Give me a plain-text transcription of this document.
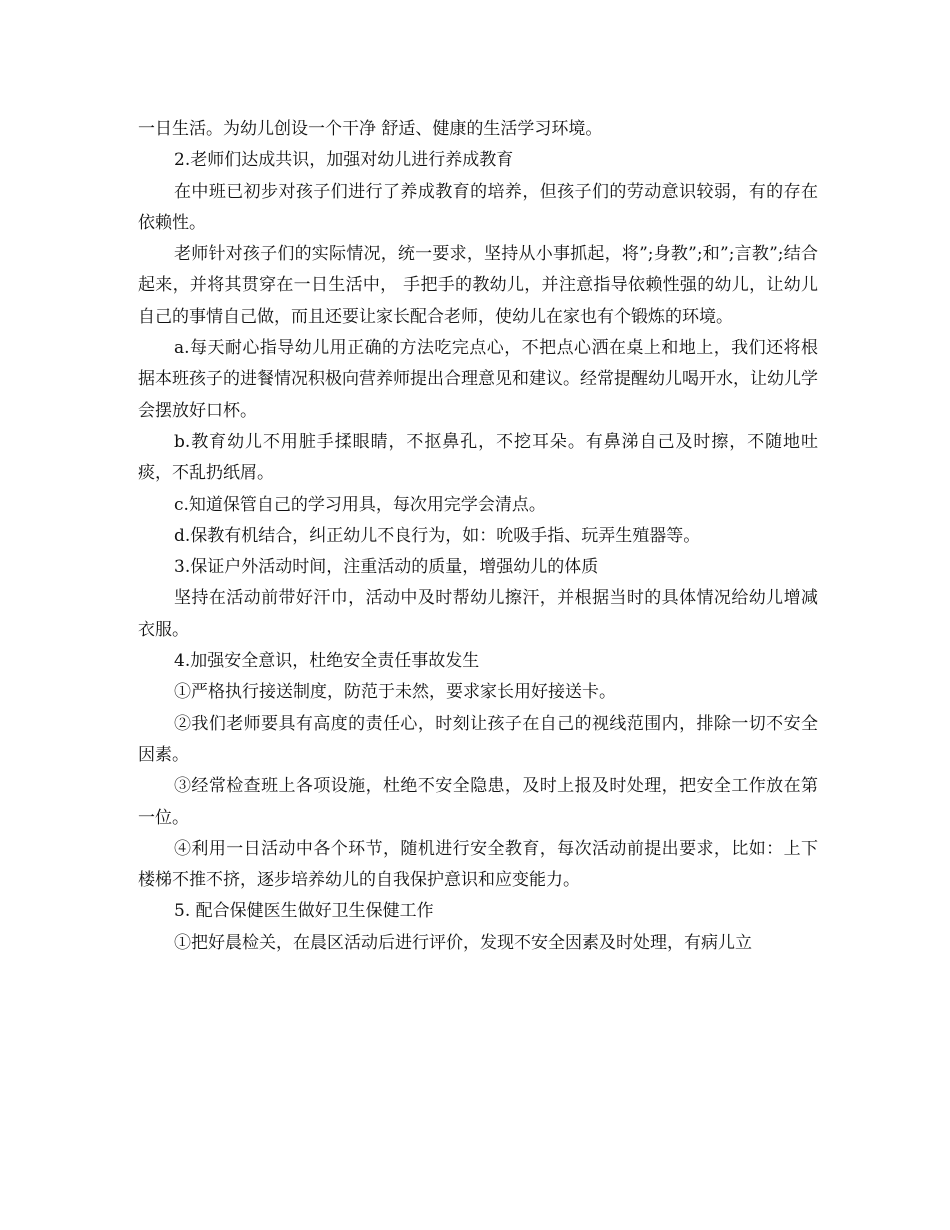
一日生活。为幼儿创设一个干净 舒适、健康的生活学习环境。

2.老师们达成共识，加强对幼儿进行养成教育

在中班已初步对孩子们进行了养成教育的培养，但孩子们的劳动意识较弱，有的存在依赖性。

老师针对孩子们的实际情况，统一要求，坚持从小事抓起，将”;身教”;和”;言教”;结合起来，并将其贯穿在一日生活中， 手把手的教幼儿，并注意指导依赖性强的幼儿，让幼儿自己的事情自己做，而且还要让家长配合老师，使幼儿在家也有个锻炼的环境。

a.每天耐心指导幼儿用正确的方法吃完点心，不把点心洒在桌上和地上，我们还将根据本班孩子的进餐情况积极向营养师提出合理意见和建议。经常提醒幼儿喝开水，让幼儿学会摆放好口杯。

b.教育幼儿不用脏手揉眼睛，不抠鼻孔，不挖耳朵。有鼻涕自己及时擦，不随地吐痰，不乱扔纸屑。

c.知道保管自己的学习用具，每次用完学会清点。

d.保教有机结合，纠正幼儿不良行为，如：吮吸手指、玩弄生殖器等。

3.保证户外活动时间，注重活动的质量，增强幼儿的体质

坚持在活动前带好汗巾，活动中及时帮幼儿擦汗，并根据当时的具体情况给幼儿增减衣服。

4.加强安全意识，杜绝安全责任事故发生

①严格执行接送制度，防范于未然，要求家长用好接送卡。

②我们老师要具有高度的责任心，时刻让孩子在自己的视线范围内，排除一切不安全因素。

③经常检查班上各项设施，杜绝不安全隐患，及时上报及时处理，把安全工作放在第一位。

④利用一日活动中各个环节，随机进行安全教育，每次活动前提出要求，比如：上下楼梯不推不挤，逐步培养幼儿的自我保护意识和应变能力。

5. 配合保健医生做好卫生保健工作

①把好晨检关，在晨区活动后进行评价，发现不安全因素及时处理，有病儿立
